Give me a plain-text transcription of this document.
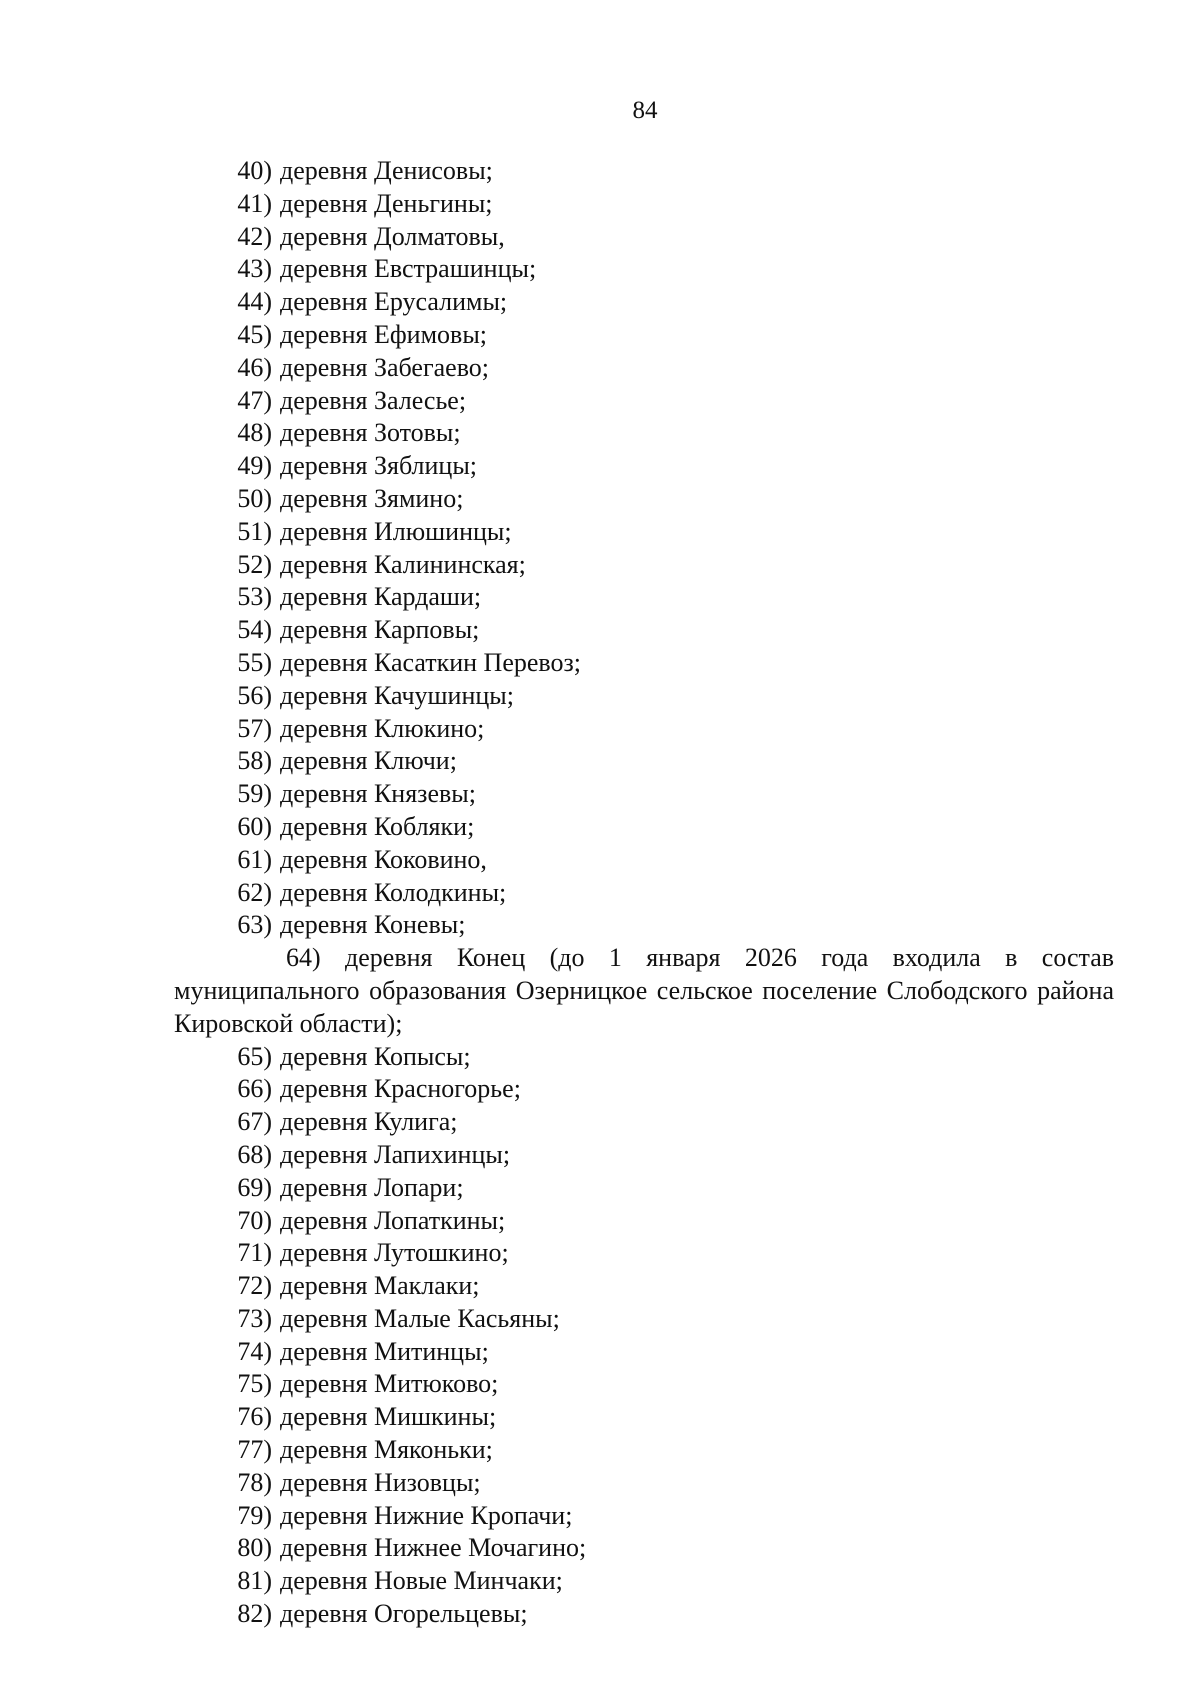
84
40) деревня Денисовы;
41) деревня Деньгины;
42) деревня Долматовы,
43) деревня Евстрашинцы;
44) деревня Ерусалимы;
45) деревня Ефимовы;
46) деревня Забегаево;
47) деревня Залесье;
48) деревня Зотовы;
49) деревня Зяблицы;
50) деревня Зямино;
51) деревня Илюшинцы;
52) деревня Калининская;
53) деревня Кардаши;
54) деревня Карповы;
55) деревня Касаткин Перевоз;
56) деревня Качушинцы;
57) деревня Клюкино;
58) деревня Ключи;
59) деревня Князевы;
60) деревня Кобляки;
61) деревня Коковино,
62) деревня Колодкины;
63) деревня Коневы;
64) деревня Конец (до 1 января 2026 года входила в состав муниципального образования Озерницкое сельское поселение Слободского района Кировской области);
65) деревня Копысы;
66) деревня Красногорье;
67) деревня Кулига;
68) деревня Лапихинцы;
69) деревня Лопари;
70) деревня Лопаткины;
71) деревня Лутошкино;
72) деревня Маклаки;
73) деревня Малые Касьяны;
74) деревня Митинцы;
75) деревня Митюково;
76) деревня Мишкины;
77) деревня Мяконьки;
78) деревня Низовцы;
79) деревня Нижние Кропачи;
80) деревня Нижнее Мочагино;
81) деревня Новые Минчаки;
82) деревня Огорельцевы;
